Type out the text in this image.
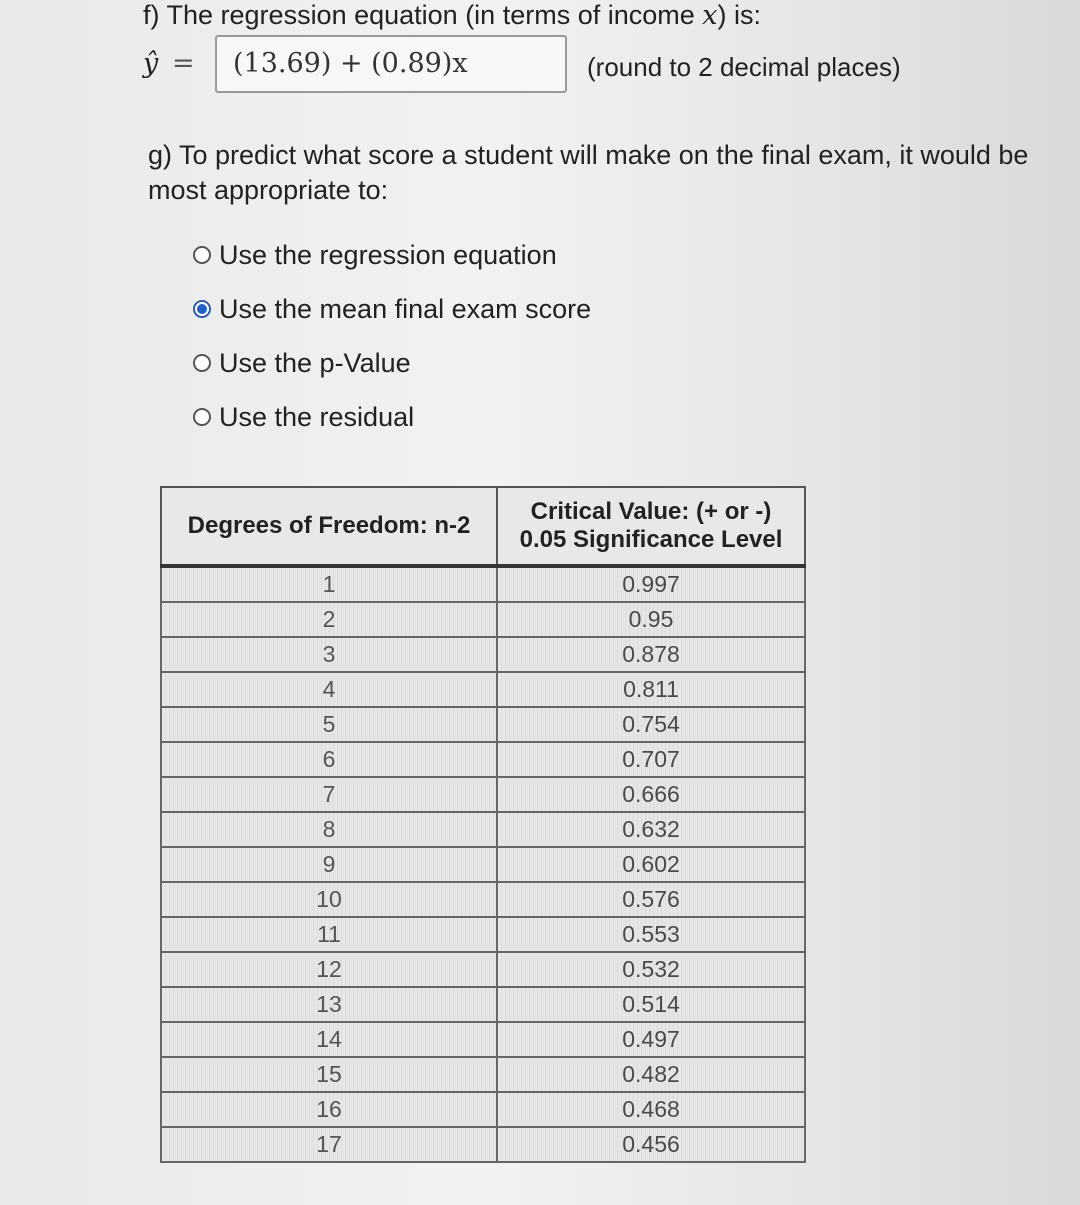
f) The regression equation (in terms of income x) is:
ŷ =	(13.69) + (0.89)x	(round to 2 decimal places)
g) To predict what score a student will make on the final exam, it would be most appropriate to:
Use the regression equation
Use the mean final exam score
Use the p-Value
Use the residual
Degrees of Freedom: n-2	Critical Value: (+ or -)
0.05 Significance Level

1	0.997
2	0.95
3	0.878
4	0.811
5	0.754
6	0.707
7	0.666
8	0.632
9	0.602
10	0.576
11	0.553
12	0.532
13	0.514
14	0.497
15	0.482
16	0.468
17	0.456
